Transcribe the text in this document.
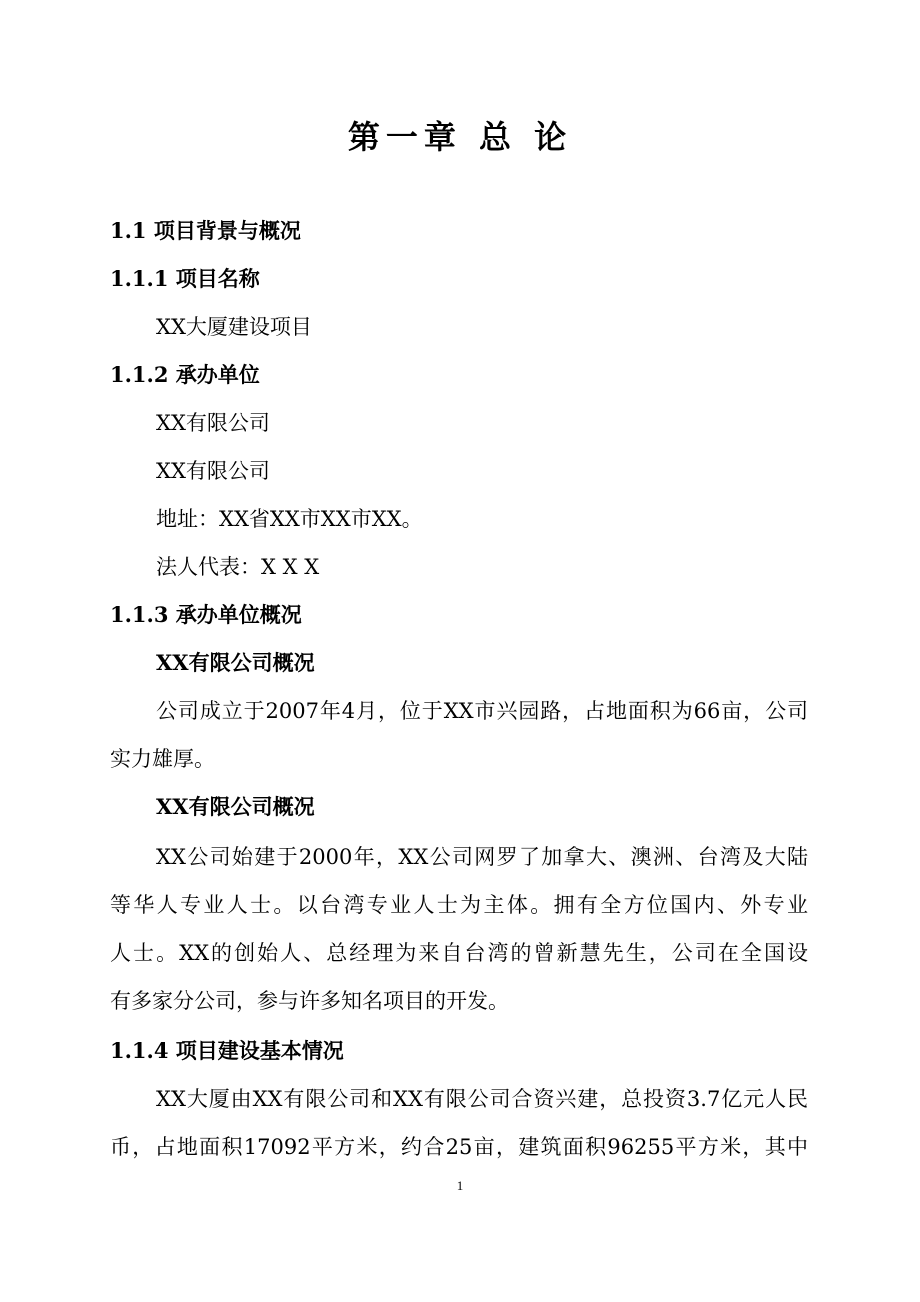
第一章 总 论
1.1 项目背景与概况
1.1.1 项目名称
XX大厦建设项目
1.1.2 承办单位
XX有限公司
XX有限公司
地址：XX省XX市XX市XX。
法人代表：X X X
1.1.3 承办单位概况
XX有限公司概况
公司成立于2007年4月，位于XX市兴园路，占地面积为66亩，公司
实力雄厚。
XX有限公司概况
XX公司始建于2000年，XX公司网罗了加拿大、澳洲、台湾及大陆
等华人专业人士。以台湾专业人士为主体。拥有全方位国内、外专业
人士。XX的创始人、总经理为来自台湾的曾新慧先生，公司在全国设
有多家分公司，参与许多知名项目的开发。
1.1.4 项目建设基本情况
XX大厦由XX有限公司和XX有限公司合资兴建，总投资3.7亿元人民
币，占地面积17092平方米，约合25亩，建筑面积96255平方米，其中
1
